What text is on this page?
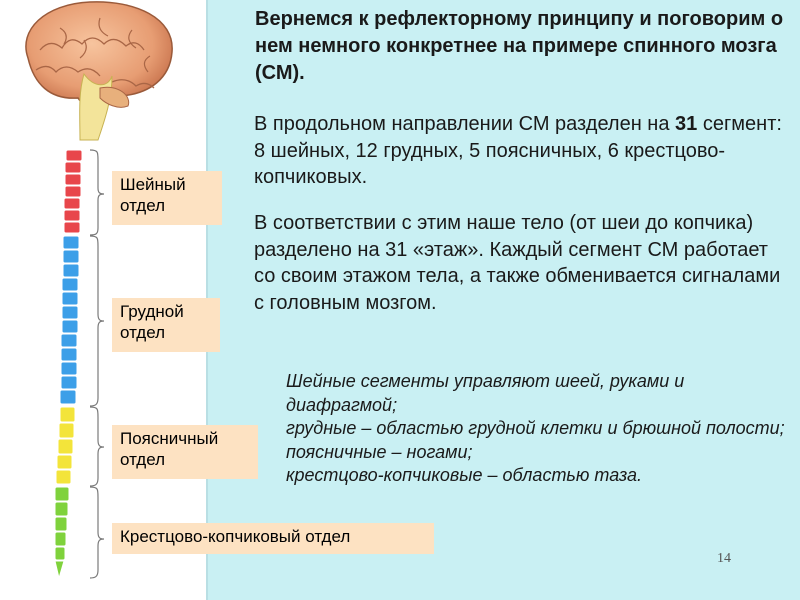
Шейный отдел
Грудной отдел
Поясничный отдел
Крестцово-копчиковый отдел
Вернемся к рефлекторному принципу и поговорим о нем немного конкретнее на примере спинного мозга (СМ).
В продольном направлении СМ разделен на 31 сегмент: 8 шейных, 12 грудных, 5 поясничных, 6 крестцово-копчиковых.
В соответствии с этим наше тело (от шеи до копчика) разделено на 31 «этаж». Каждый сегмент СМ работает со своим этажом тела, а также обменивается сигналами с головным мозгом.
Шейные сегменты управляют шеей, руками и диафрагмой;
грудные – областью грудной клетки и брюшной полости;
поясничные – ногами;
крестцово-копчиковые – областью таза.
14
